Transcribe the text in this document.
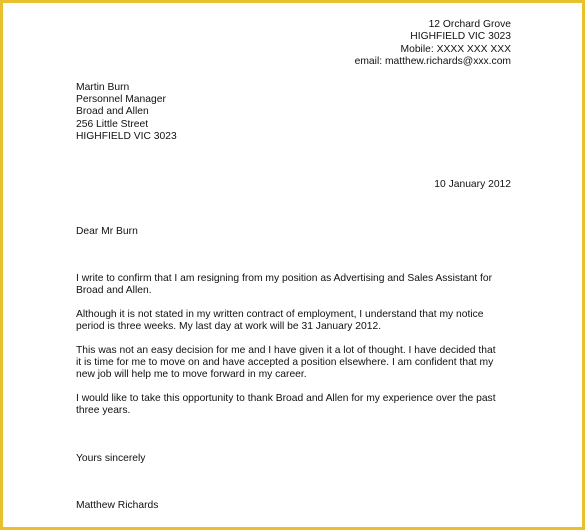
12 Orchard Grove
HIGHFIELD VIC 3023
Mobile: XXXX XXX XXX
email: matthew.richards@xxx.com
Martin Burn
Personnel Manager
Broad and Allen
256 Little Street
HIGHFIELD VIC 3023
10 January 2012
Dear Mr Burn
I write to confirm that I am resigning from my position as Advertising and Sales Assistant for
Broad and Allen.
Although it is not stated in my written contract of employment, I understand that my notice
period is three weeks. My last day at work will be 31 January 2012.
This was not an easy decision for me and I have given it a lot of thought. I have decided that
it is time for me to move on and have accepted a position elsewhere. I am confident that my
new job will help me to move forward in my career.
I would like to take this opportunity to thank Broad and Allen for my experience over the past
three years.
Yours sincerely
Matthew Richards
